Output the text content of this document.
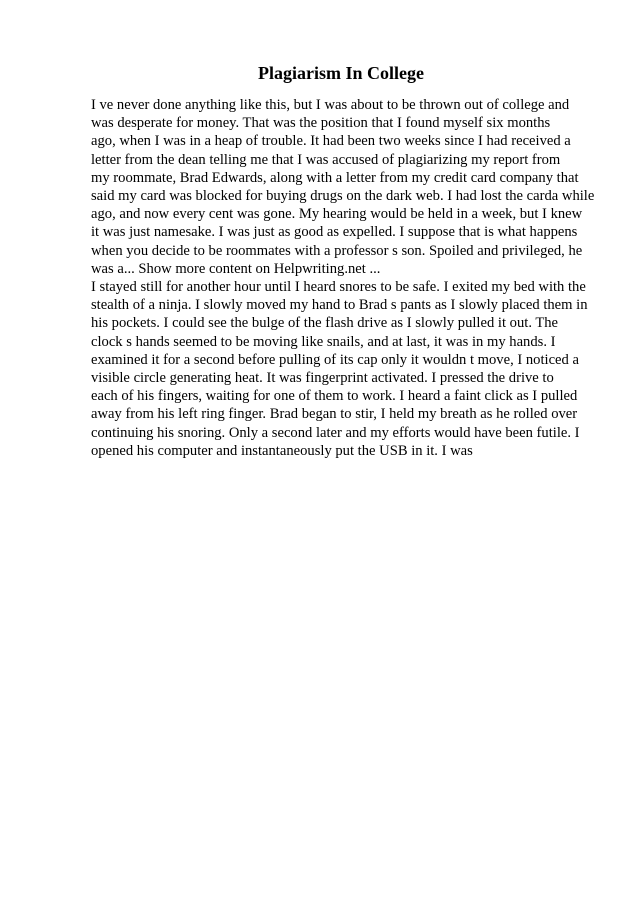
Plagiarism In College
I ve never done anything like this, but I was about to be thrown out of college and
was desperate for money. That was the position that I found myself six months
ago, when I was in a heap of trouble. It had been two weeks since I had received a
letter from the dean telling me that I was accused of plagiarizing my report from
my roommate, Brad Edwards, along with a letter from my credit card company that
said my card was blocked for buying drugs on the dark web. I had lost the carda while
ago, and now every cent was gone. My hearing would be held in a week, but I knew
it was just namesake. I was just as good as expelled. I suppose that is what happens
when you decide to be roommates with a professor s son. Spoiled and privileged, he
was a... Show more content on Helpwriting.net ...
I stayed still for another hour until I heard snores to be safe. I exited my bed with the
stealth of a ninja. I slowly moved my hand to Brad s pants as I slowly placed them in
his pockets. I could see the bulge of the flash drive as I slowly pulled it out. The
clock s hands seemed to be moving like snails, and at last, it was in my hands. I
examined it for a second before pulling of its cap only it wouldn t move, I noticed a
visible circle generating heat. It was fingerprint activated. I pressed the drive to
each of his fingers, waiting for one of them to work. I heard a faint click as I pulled
away from his left ring finger. Brad began to stir, I held my breath as he rolled over
continuing his snoring. Only a second later and my efforts would have been futile. I
opened his computer and instantaneously put the USB in it. I was
